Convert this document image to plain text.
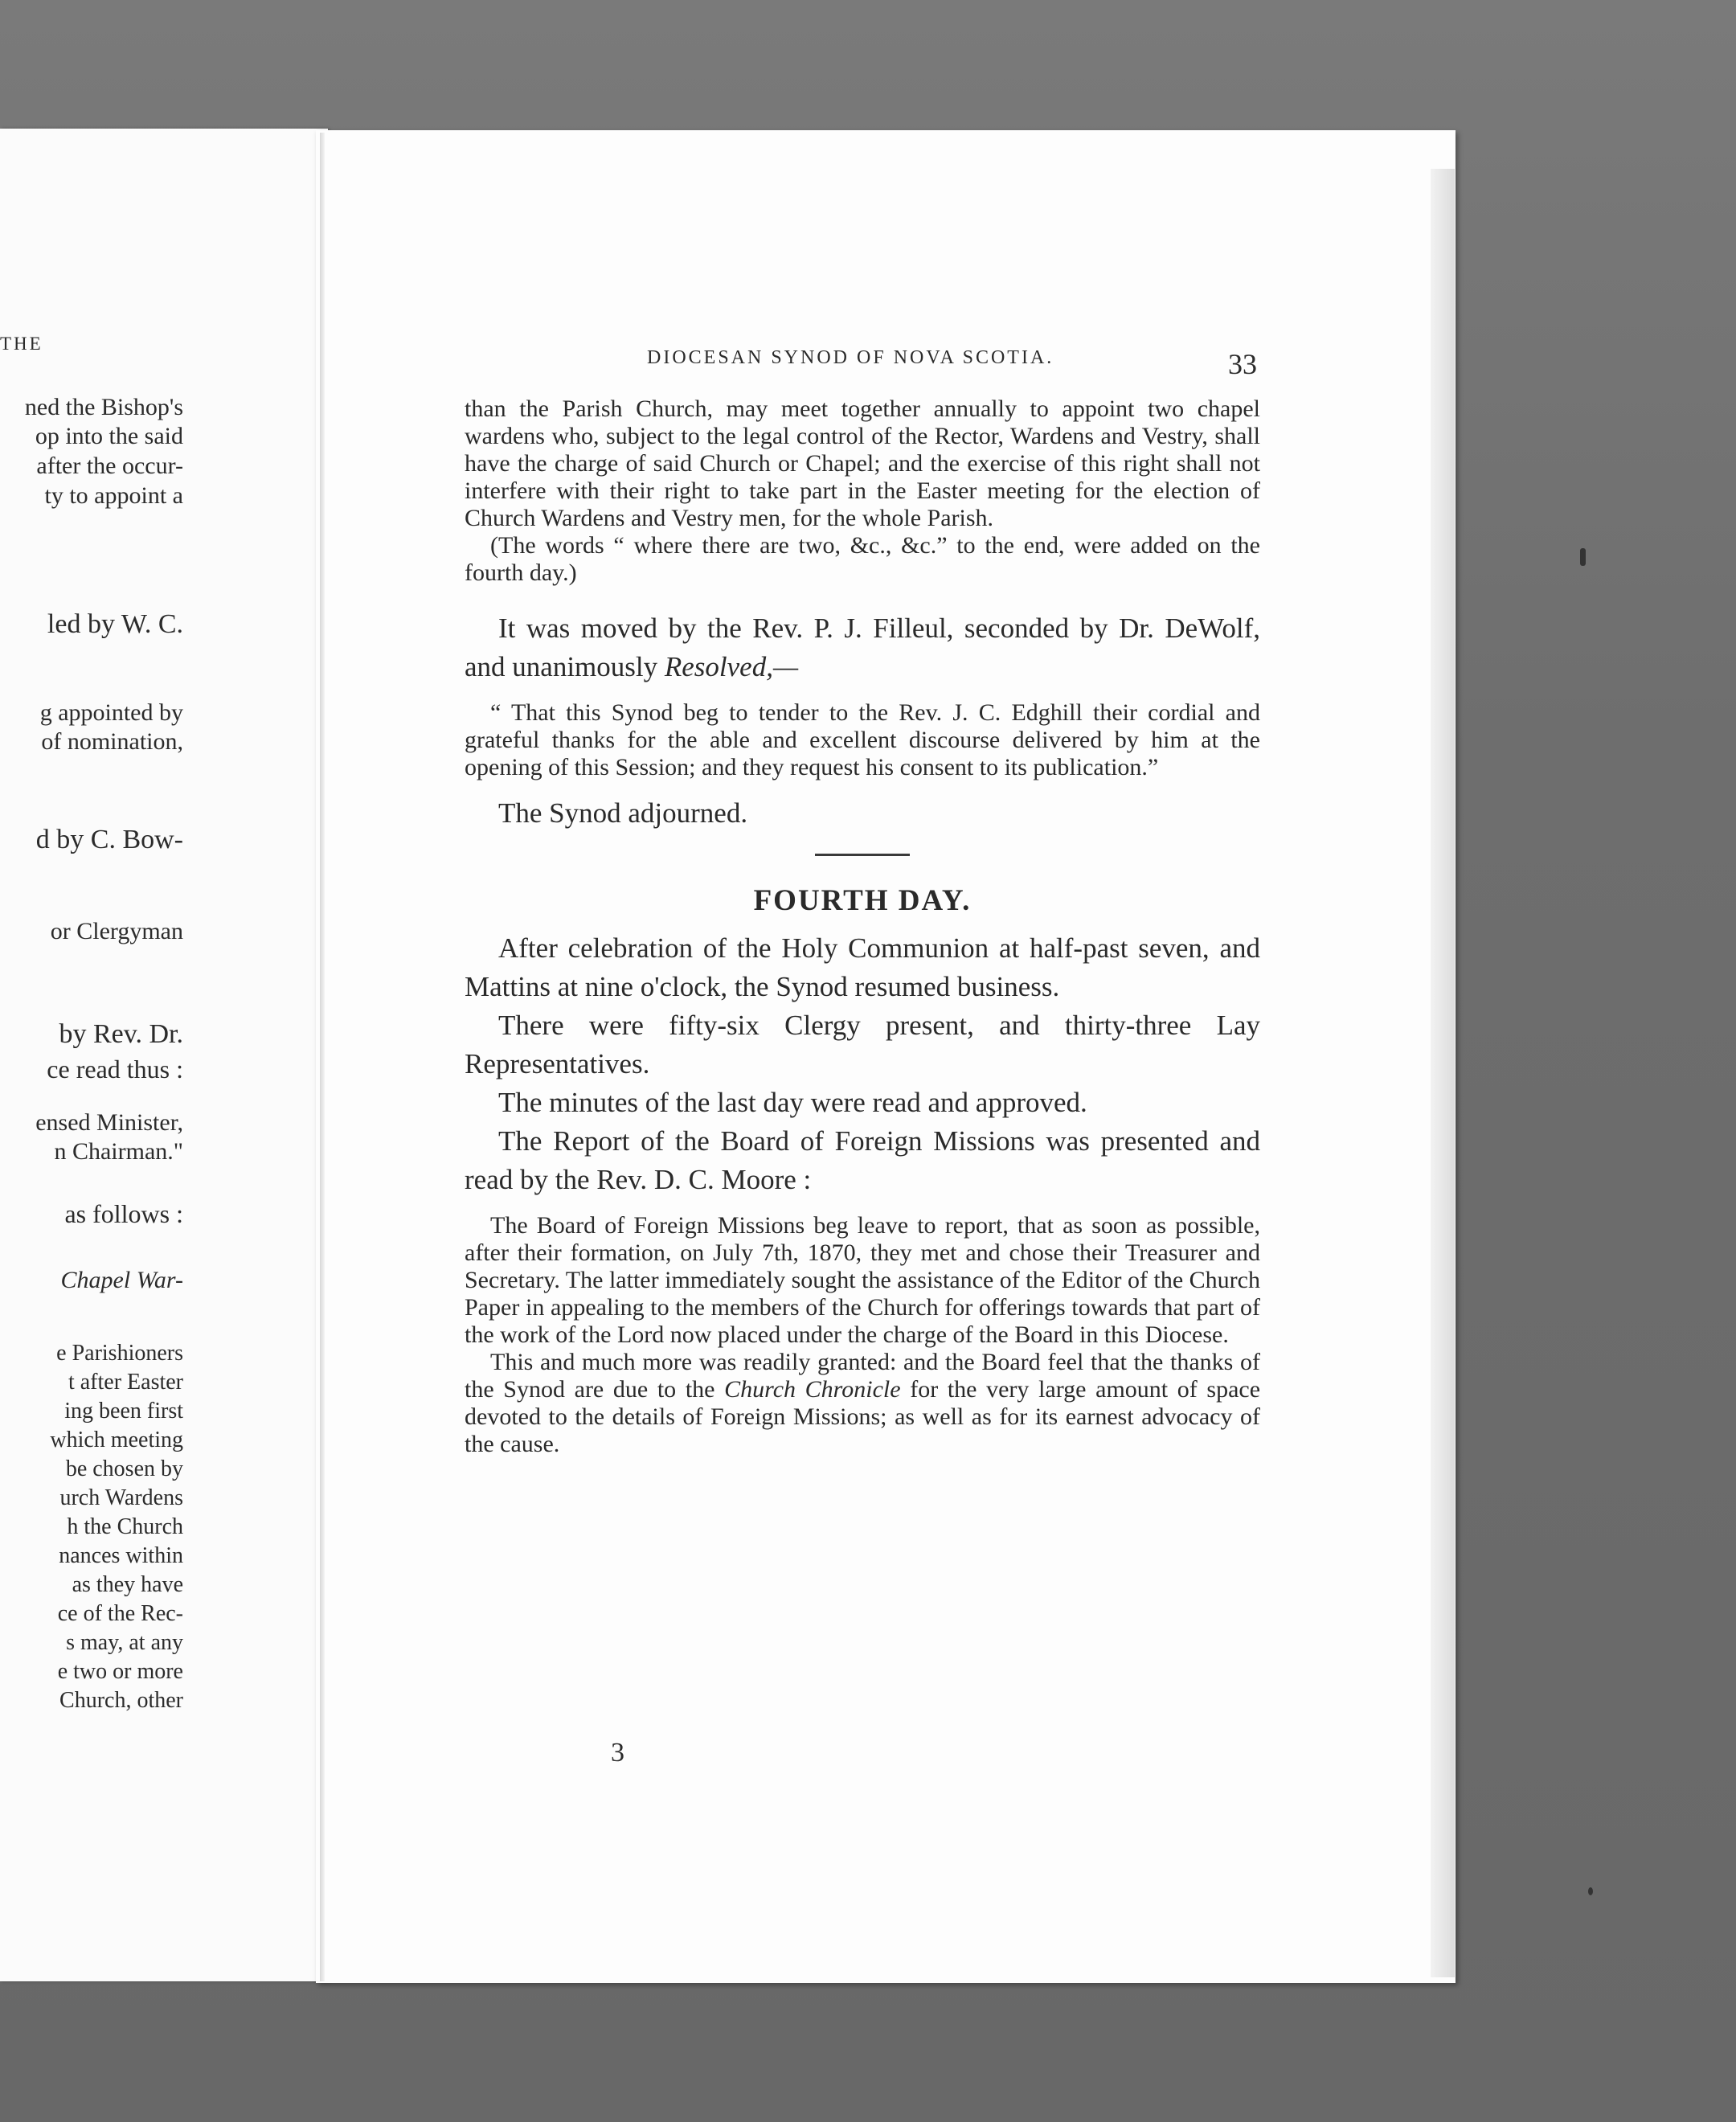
THE
ned the Bishop's
op into the said
after the occur-
ty to appoint a
led by W. C.
g appointed by
of nomination,
d by C. Bow-
or Clergyman
by Rev. Dr.
ce read thus :
ensed Minister,
n Chairman."
as follows :
Chapel War-
e Parishioners
t after Easter
ing been first
which meeting
be chosen by
urch Wardens
h the Church
nances within
as they have
ce of the Rec-
s may, at any
e two or more
Church, other
DIOCESAN SYNOD OF NOVA SCOTIA.	33

than the Parish Church, may meet together annually to appoint two chapel wardens who, subject to the legal control of the Rector, Wardens and Vestry, shall have the charge of said Church or Chapel; and the exercise of this right shall not interfere with their right to take part in the Easter meeting for the election of Church Wardens and Vestry men, for the whole Parish.

(The words “ where there are two, &c., &c.” to the end, were added on the fourth day.)

It was moved by the Rev. P. J. Filleul, seconded by Dr. DeWolf, and unanimously Resolved,—

“ That this Synod beg to tender to the Rev. J. C. Edghill their cordial and grateful thanks for the able and excellent discourse delivered by him at the opening of this Session; and they request his consent to its publication.”

The Synod adjourned.

FOURTH DAY.

After celebration of the Holy Communion at half-past seven, and Mattins at nine o'clock, the Synod resumed business.

There were fifty-six Clergy present, and thirty-three Lay Representatives.

The minutes of the last day were read and approved.

The Report of the Board of Foreign Missions was presented and read by the Rev. D. C. Moore :

The Board of Foreign Missions beg leave to report, that as soon as possible, after their formation, on July 7th, 1870, they met and chose their Treasurer and Secretary. The latter immediately sought the assistance of the Editor of the Church Paper in appealing to the members of the Church for offerings towards that part of the work of the Lord now placed under the charge of the Board in this Diocese.

This and much more was readily granted: and the Board feel that the thanks of the Synod are due to the Church Chronicle for the very large amount of space devoted to the details of Foreign Missions; as well as for its earnest advocacy of the cause.

3
